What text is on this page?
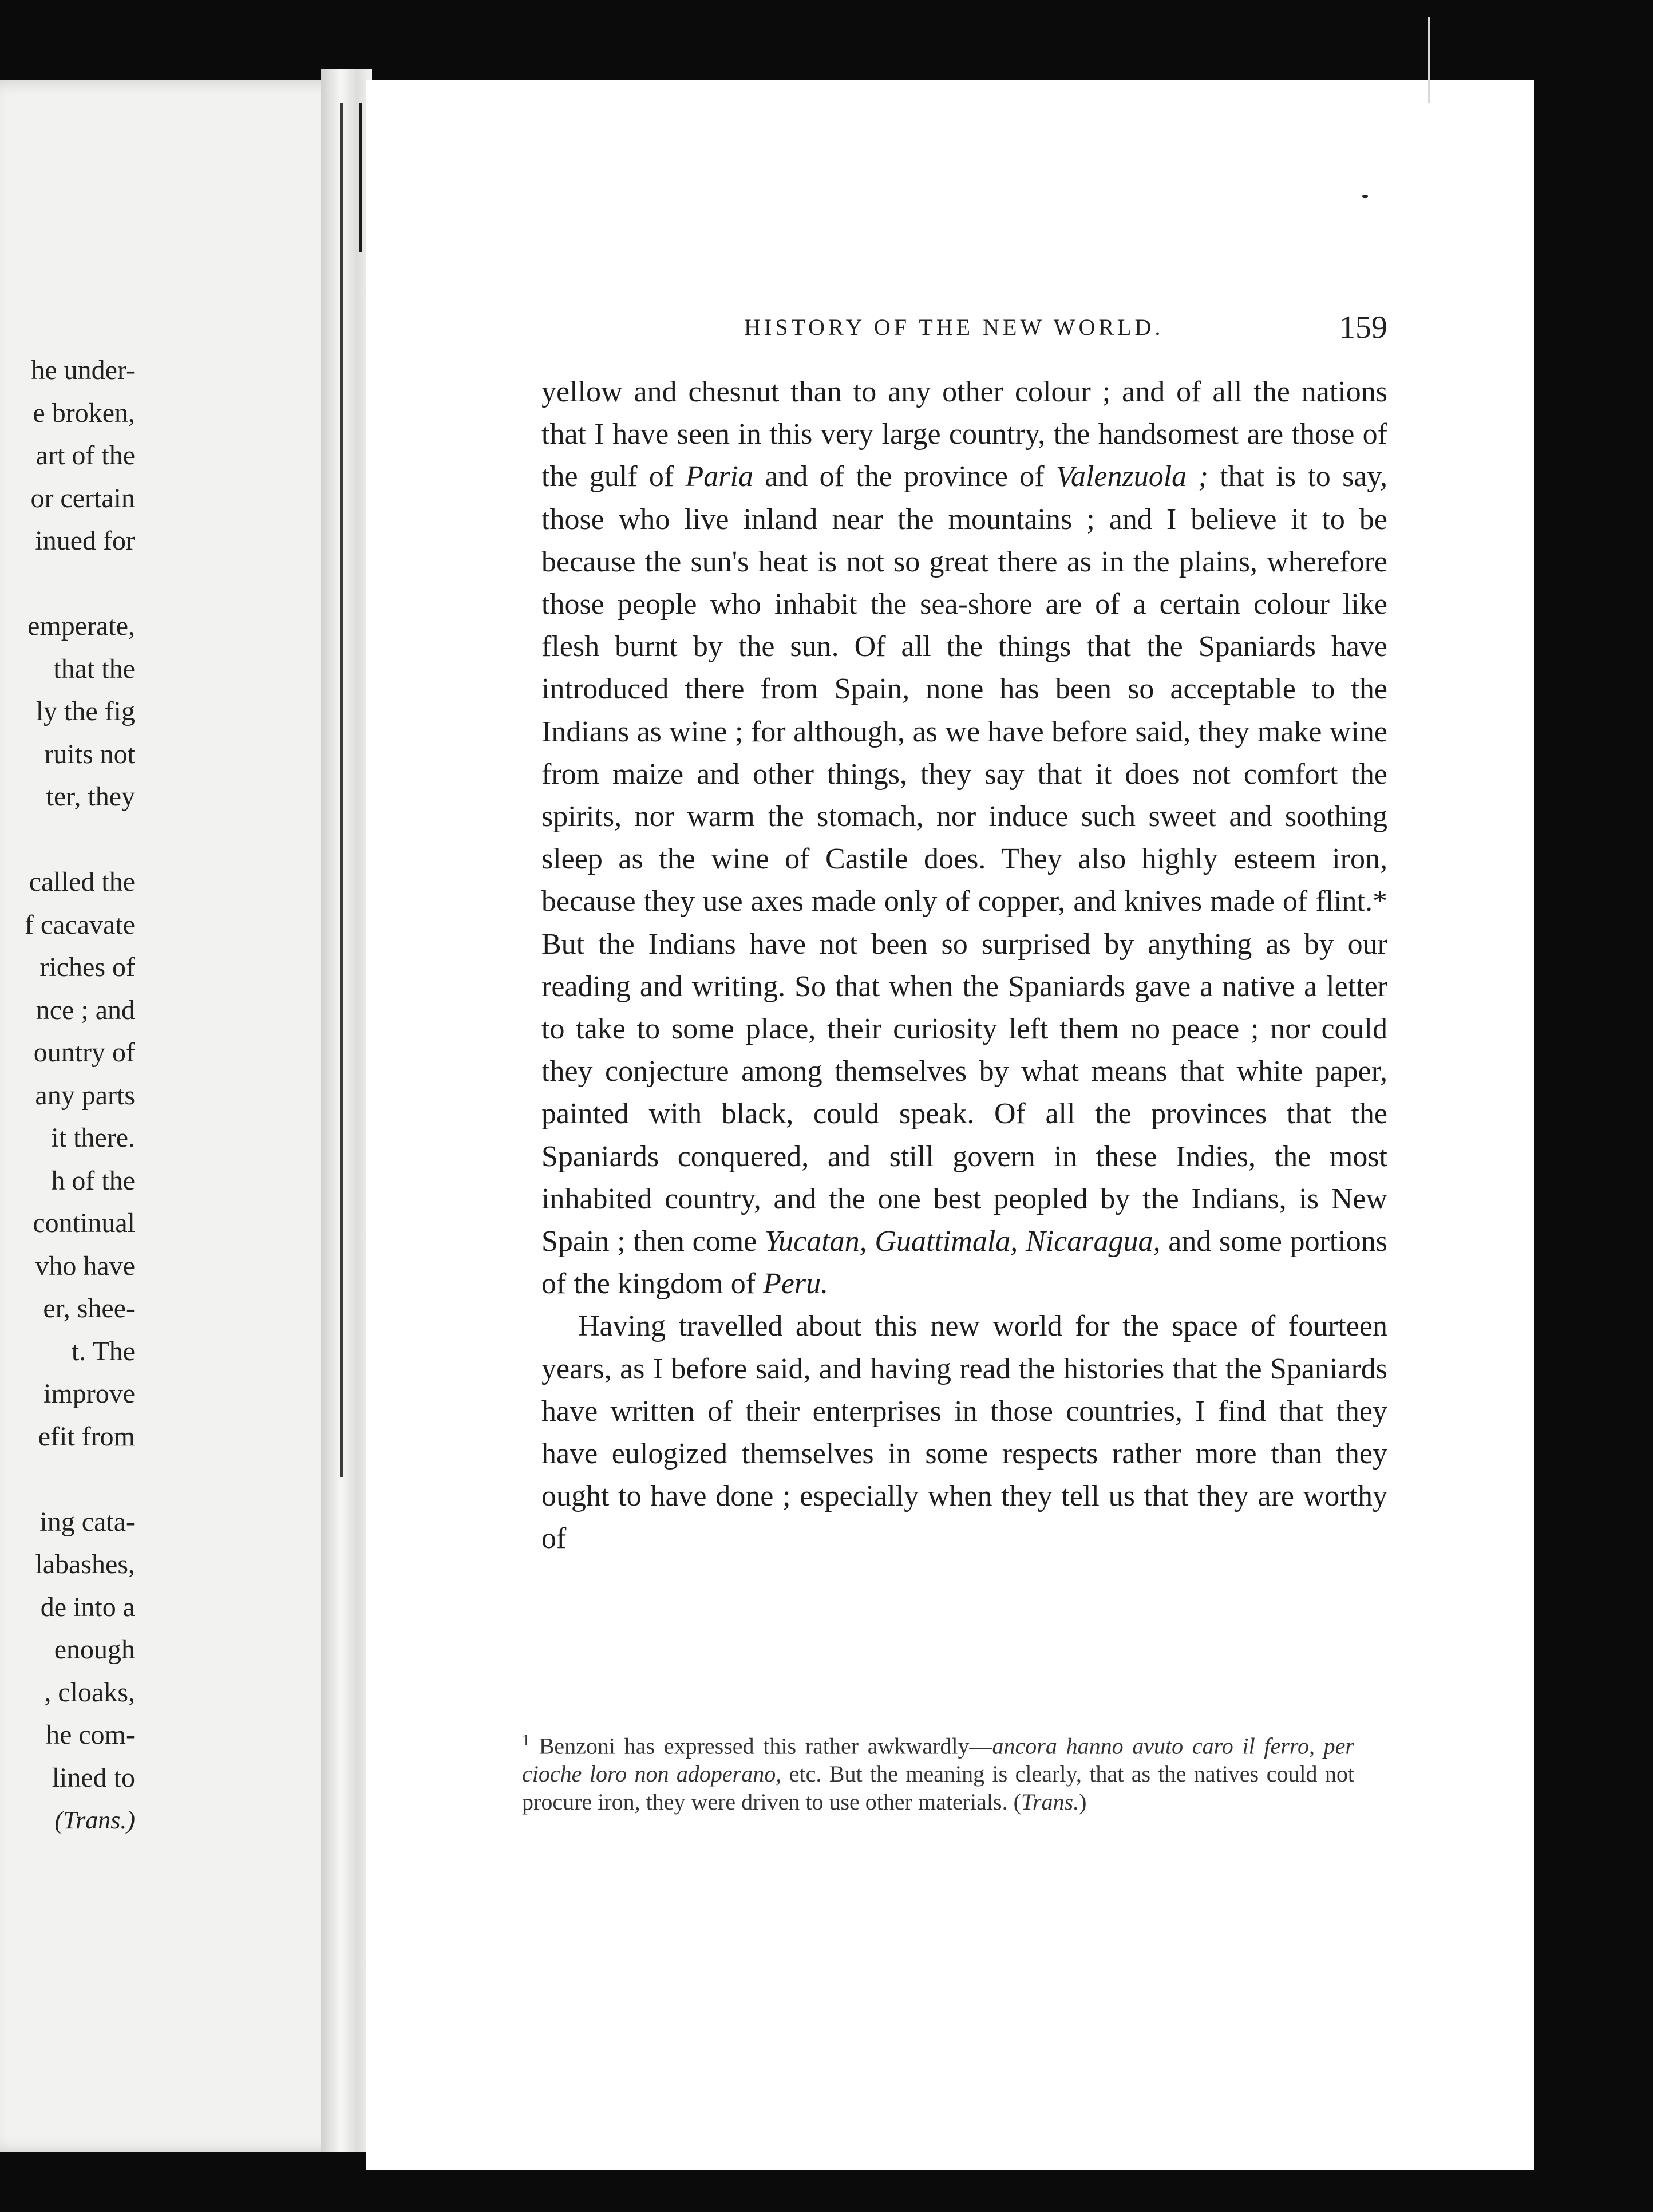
he under-
e broken,
art of the
or certain
inued for
emperate,
that the
ly the fig
ruits not
ter, they
called the
f cacavate
riches of
nce ; and
ountry of
any parts
it there.
h of the
continual
vho have
er, shee-
t. The
improve
efit from
ing cata-
labashes,
de into a
enough
, cloaks,
he com-
lined to
(Trans.)
HISTORY OF THE NEW WORLD.	159

yellow and chesnut than to any other colour ; and of all the nations that I have seen in this very large country, the handsomest are those of the gulf of Paria and of the province of Valenzuola ; that is to say, those who live inland near the mountains ; and I believe it to be because the sun's heat is not so great there as in the plains, wherefore those people who inhabit the sea-shore are of a certain colour like flesh burnt by the sun. Of all the things that the Spaniards have introduced there from Spain, none has been so acceptable to the Indians as wine ; for although, as we have before said, they make wine from maize and other things, they say that it does not comfort the spirits, nor warm the stomach, nor induce such sweet and soothing sleep as the wine of Castile does. They also highly esteem iron, because they use axes made only of copper, and knives made of flint.* But the Indians have not been so surprised by anything as by our reading and writing. So that when the Spaniards gave a native a letter to take to some place, their curiosity left them no peace ; nor could they conjecture among themselves by what means that white paper, painted with black, could speak. Of all the provinces that the Spaniards conquered, and still govern in these Indies, the most inhabited country, and the one best peopled by the Indians, is New Spain ; then come Yucatan, Guattimala, Nicaragua, and some portions of the kingdom of Peru.

Having travelled about this new world for the space of fourteen years, as I before said, and having read the histories that the Spaniards have written of their enterprises in those countries, I find that they have eulogized themselves in some respects rather more than they ought to have done ; especially when they tell us that they are worthy of

$^1$ Benzoni has expressed this rather awkwardly—ancora hanno avuto caro il ferro, per cioche loro non adoperano, etc. But the meaning is clearly, that as the natives could not procure iron, they were driven to use other materials. (Trans.)
